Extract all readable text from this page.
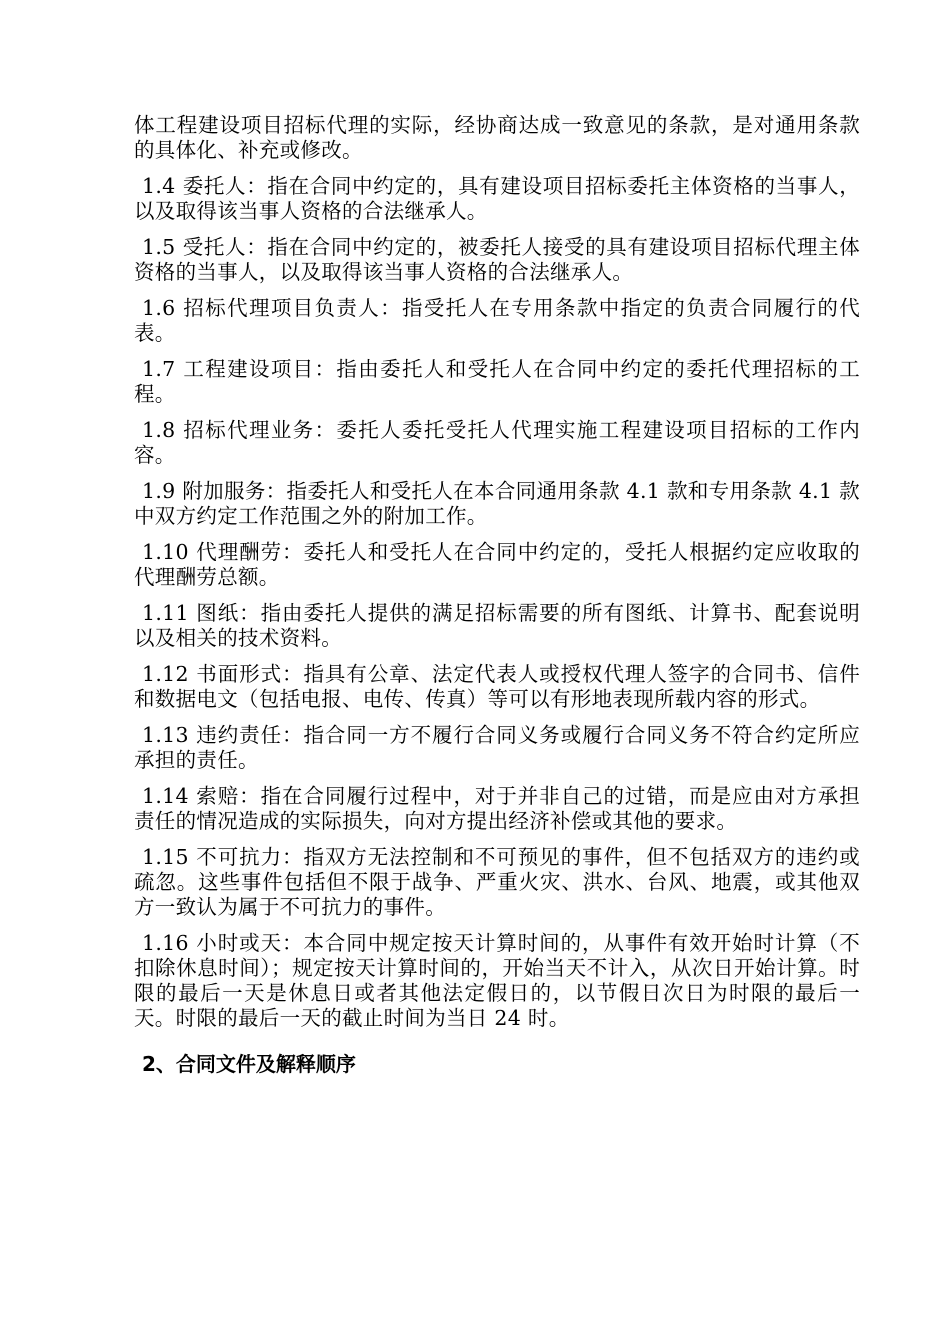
体工程建设项目招标代理的实际，经协商达成一致意见的条款，是对通用条款的具体化、补充或修改。

1.4 委托人：指在合同中约定的，具有建设项目招标委托主体资格的当事人，以及取得该当事人资格的合法继承人。

1.5 受托人：指在合同中约定的，被委托人接受的具有建设项目招标代理主体资格的当事人，以及取得该当事人资格的合法继承人。

1.6 招标代理项目负责人：指受托人在专用条款中指定的负责合同履行的代表。

1.7 工程建设项目：指由委托人和受托人在合同中约定的委托代理招标的工程。

1.8 招标代理业务：委托人委托受托人代理实施工程建设项目招标的工作内容。

1.9 附加服务：指委托人和受托人在本合同通用条款 4.1 款和专用条款 4.1 款中双方约定工作范围之外的附加工作。

1.10 代理酬劳：委托人和受托人在合同中约定的，受托人根据约定应收取的代理酬劳总额。

1.11 图纸：指由委托人提供的满足招标需要的所有图纸、计算书、配套说明以及相关的技术资料。

1.12 书面形式：指具有公章、法定代表人或授权代理人签字的合同书、信件和数据电文（包括电报、电传、传真）等可以有形地表现所载内容的形式。

1.13 违约责任：指合同一方不履行合同义务或履行合同义务不符合约定所应承担的责任。

1.14 索赔：指在合同履行过程中，对于并非自己的过错，而是应由对方承担责任的情况造成的实际损失，向对方提出经济补偿或其他的要求。

1.15 不可抗力：指双方无法控制和不可预见的事件，但不包括双方的违约或疏忽。这些事件包括但不限于战争、严重火灾、洪水、台风、地震，或其他双方一致认为属于不可抗力的事件。

1.16 小时或天：本合同中规定按天计算时间的，从事件有效开始时计算（不扣除休息时间）；规定按天计算时间的，开始当天不计入，从次日开始计算。时限的最后一天是休息日或者其他法定假日的，以节假日次日为时限的最后一天。时限的最后一天的截止时间为当日 24 时。

2、合同文件及解释顺序
